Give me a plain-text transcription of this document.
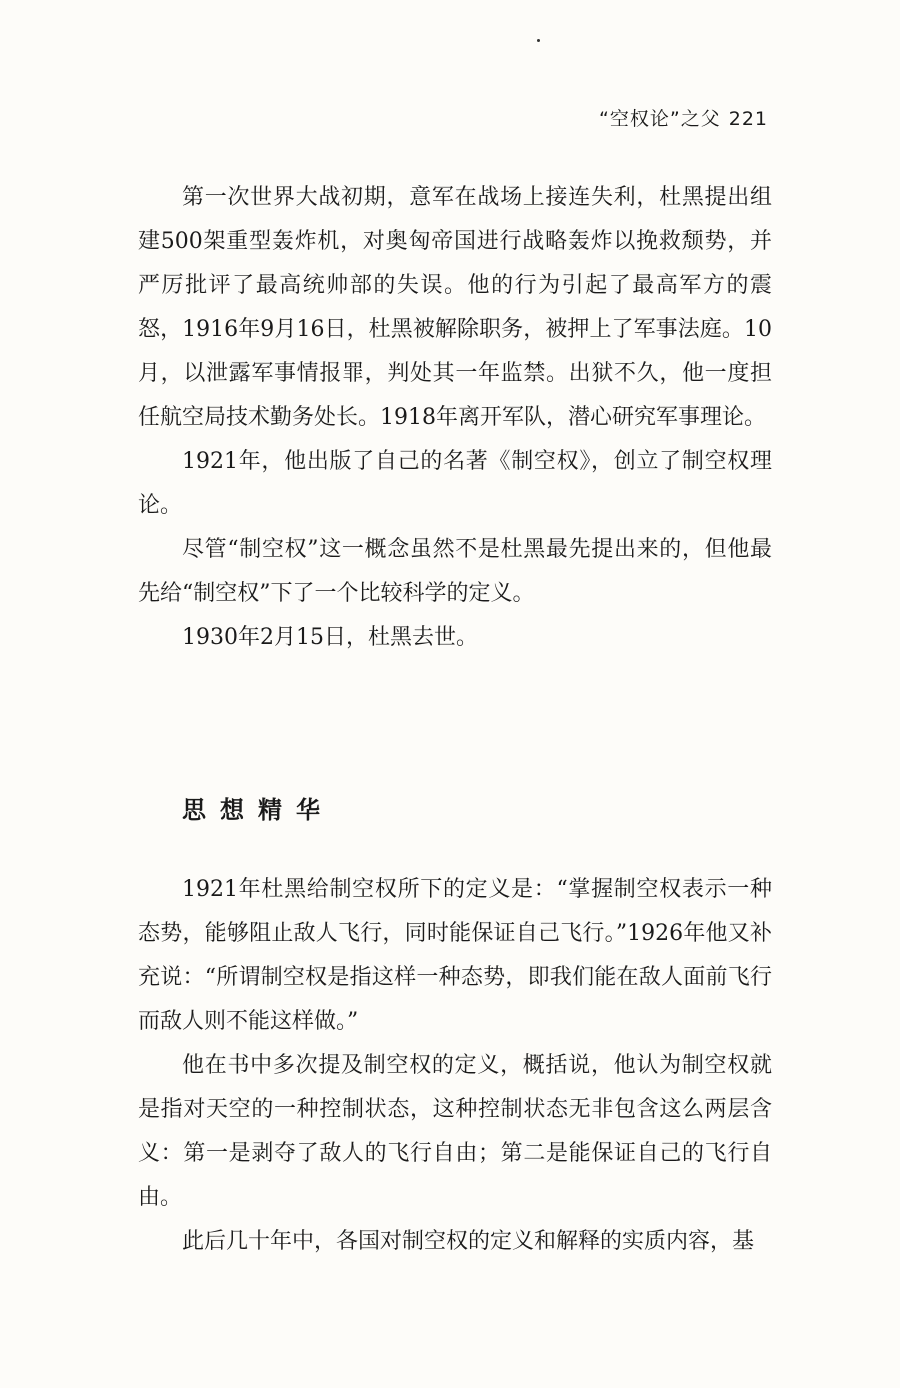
“空权论”之父 221

第一次世界大战初期，意军在战场上接连失利，杜黑提出组建500架重型轰炸机，对奥匈帝国进行战略轰炸以挽救颓势，并严厉批评了最高统帅部的失误。他的行为引起了最高军方的震怒，1916年9月16日，杜黑被解除职务，被押上了军事法庭。10月，以泄露军事情报罪，判处其一年监禁。出狱不久，他一度担任航空局技术勤务处长。1918年离开军队，潜心研究军事理论。

1921年，他出版了自己的名著《制空权》，创立了制空权理论。

尽管“制空权”这一概念虽然不是杜黑最先提出来的，但他最先给“制空权”下了一个比较科学的定义。

1930年2月15日，杜黑去世。

思想精华

1921年杜黑给制空权所下的定义是：“掌握制空权表示一种态势，能够阻止敌人飞行，同时能保证自己飞行。”1926年他又补充说：“所谓制空权是指这样一种态势，即我们能在敌人面前飞行而敌人则不能这样做。”

他在书中多次提及制空权的定义，概括说，他认为制空权就是指对天空的一种控制状态，这种控制状态无非包含这么两层含义：第一是剥夺了敌人的飞行自由；第二是能保证自己的飞行自由。

此后几十年中，各国对制空权的定义和解释的实质内容，基
